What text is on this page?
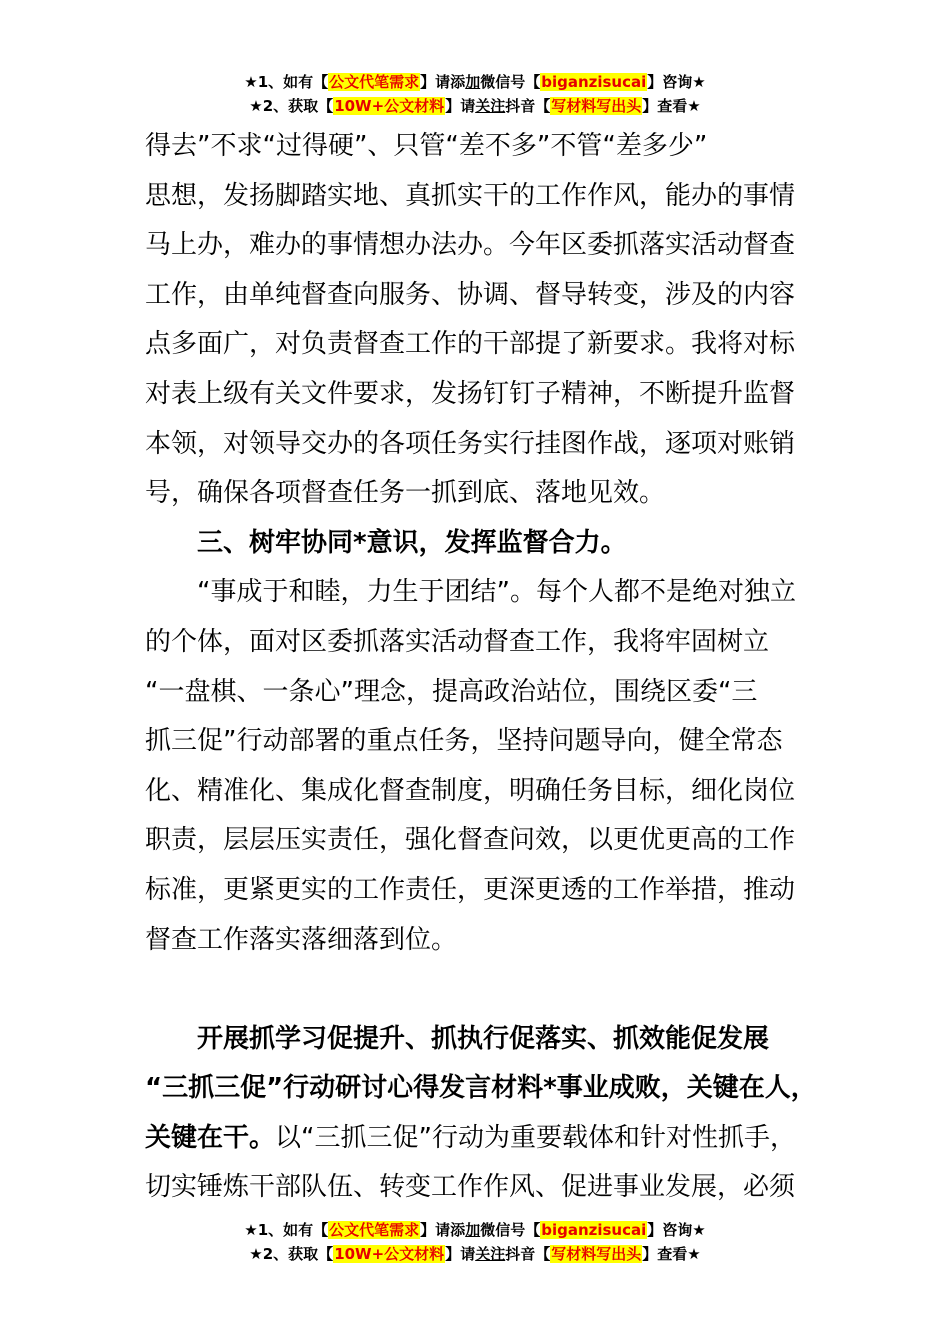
★1、如有【公文代笔需求】请添加微信号【biganzisucai】咨询★
★2、获取【10W+公文材料】请关注抖音【写材料写出头】查看★
得去”不求“过得硬”、只管“差不多”不管“差多少”
思想，发扬脚踏实地、真抓实干的工作作风，能办的事情
马上办，难办的事情想办法办。今年区委抓落实活动督查
工作，由单纯督查向服务、协调、督导转变，涉及的内容
点多面广，对负责督查工作的干部提了新要求。我将对标
对表上级有关文件要求，发扬钉钉子精神，不断提升监督
本领，对领导交办的各项任务实行挂图作战，逐项对账销
号，确保各项督查任务一抓到底、落地见效。
三、树牢协同*意识，发挥监督合力。
“事成于和睦，力生于团结”。每个人都不是绝对独立
的个体，面对区委抓落实活动督查工作，我将牢固树立
“一盘棋、一条心”理念，提高政治站位，围绕区委“三
抓三促”行动部署的重点任务，坚持问题导向，健全常态
化、精准化、集成化督查制度，明确任务目标，细化岗位
职责，层层压实责任，强化督查问效，以更优更高的工作
标准，更紧更实的工作责任，更深更透的工作举措，推动
督查工作落实落细落到位。
开展抓学习促提升、抓执行促落实、抓效能促发展
“三抓三促”行动研讨心得发言材料*事业成败，关键在人，
关键在干。以“三抓三促”行动为重要载体和针对性抓手，
切实锤炼干部队伍、转变工作作风、促进事业发展，必须
★1、如有【公文代笔需求】请添加微信号【biganzisucai】咨询★
★2、获取【10W+公文材料】请关注抖音【写材料写出头】查看★
